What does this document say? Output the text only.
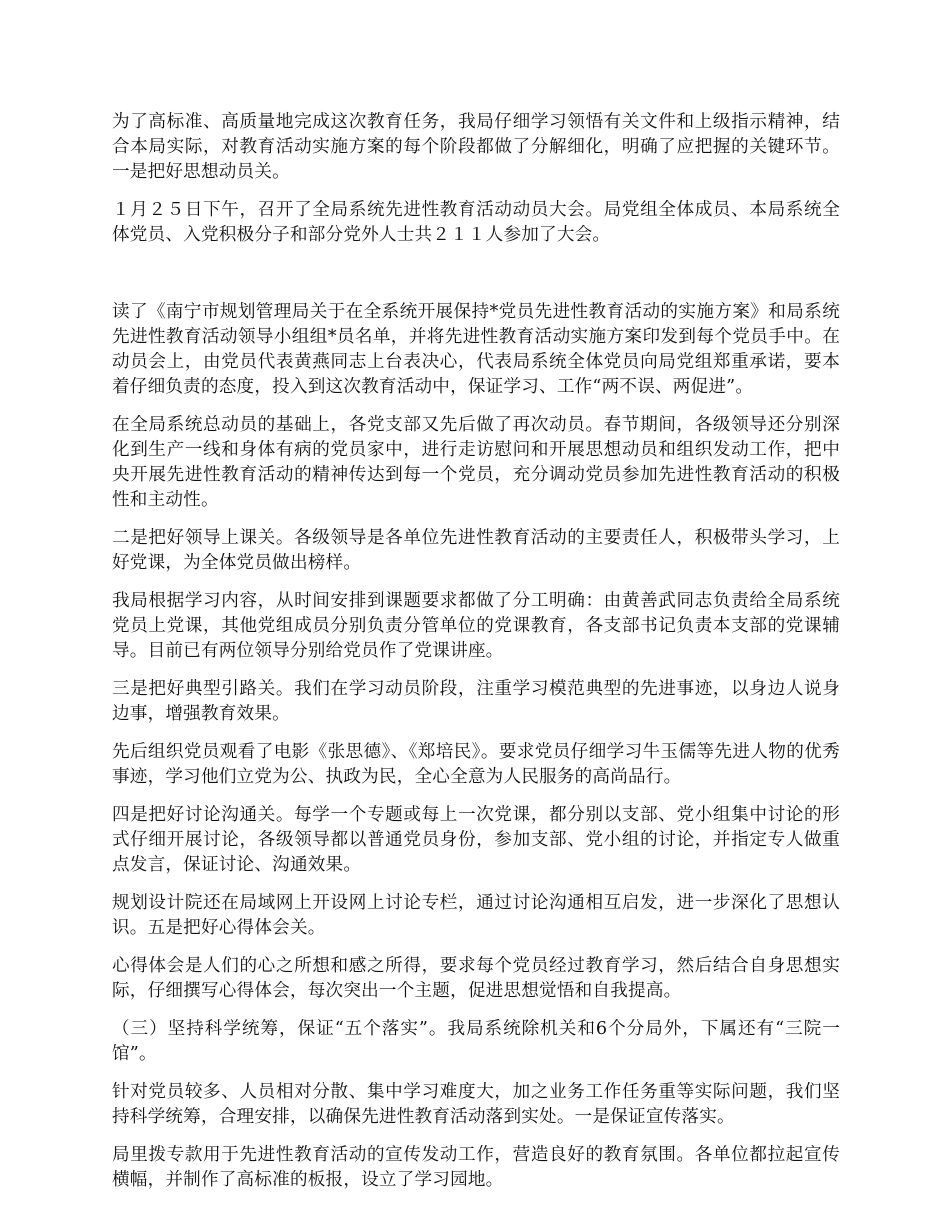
为了高标准、高质量地完成这次教育任务，我局仔细学习领悟有关文件和上级指示精神，结合本局实际，对教育活动实施方案的每个阶段都做了分解细化，明确了应把握的关键环节。一是把好思想动员关。

１月２５日下午，召开了全局系统先进性教育活动动员大会。局党组全体成员、本局系统全体党员、入党积极分子和部分党外人士共２１１人参加了大会。

读了《南宁市规划管理局关于在全系统开展保持*党员先进性教育活动的实施方案》和局系统先进性教育活动领导小组组*员名单，并将先进性教育活动实施方案印发到每个党员手中。在动员会上，由党员代表黄燕同志上台表决心，代表局系统全体党员向局党组郑重承诺，要本着仔细负责的态度，投入到这次教育活动中，保证学习、工作“两不误、两促进”。

在全局系统总动员的基础上，各党支部又先后做了再次动员。春节期间，各级领导还分别深化到生产一线和身体有病的党员家中，进行走访慰问和开展思想动员和组织发动工作，把中央开展先进性教育活动的精神传达到每一个党员，充分调动党员参加先进性教育活动的积极性和主动性。

二是把好领导上课关。各级领导是各单位先进性教育活动的主要责任人，积极带头学习，上好党课，为全体党员做出榜样。

我局根据学习内容，从时间安排到课题要求都做了分工明确：由黄善武同志负责给全局系统党员上党课，其他党组成员分别负责分管单位的党课教育，各支部书记负责本支部的党课辅导。目前已有两位领导分别给党员作了党课讲座。

三是把好典型引路关。我们在学习动员阶段，注重学习模范典型的先进事迹，以身边人说身边事，增强教育效果。

先后组织党员观看了电影《张思德》、《郑培民》。要求党员仔细学习牛玉儒等先进人物的优秀事迹，学习他们立党为公、执政为民，全心全意为人民服务的高尚品行。

四是把好讨论沟通关。每学一个专题或每上一次党课，都分别以支部、党小组集中讨论的形式仔细开展讨论，各级领导都以普通党员身份，参加支部、党小组的讨论，并指定专人做重点发言，保证讨论、沟通效果。

规划设计院还在局域网上开设网上讨论专栏，通过讨论沟通相互启发，进一步深化了思想认识。五是把好心得体会关。

心得体会是人们的心之所想和感之所得，要求每个党员经过教育学习，然后结合自身思想实际，仔细撰写心得体会，每次突出一个主题，促进思想觉悟和自我提高。

（三）坚持科学统筹，保证“五个落实”。我局系统除机关和6个分局外，下属还有“三院一馆”。

针对党员较多、人员相对分散、集中学习难度大，加之业务工作任务重等实际问题，我们坚持科学统筹，合理安排，以确保先进性教育活动落到实处。一是保证宣传落实。

局里拨专款用于先进性教育活动的宣传发动工作，营造良好的教育氛围。各单位都拉起宣传横幅，并制作了高标准的板报，设立了学习园地。
